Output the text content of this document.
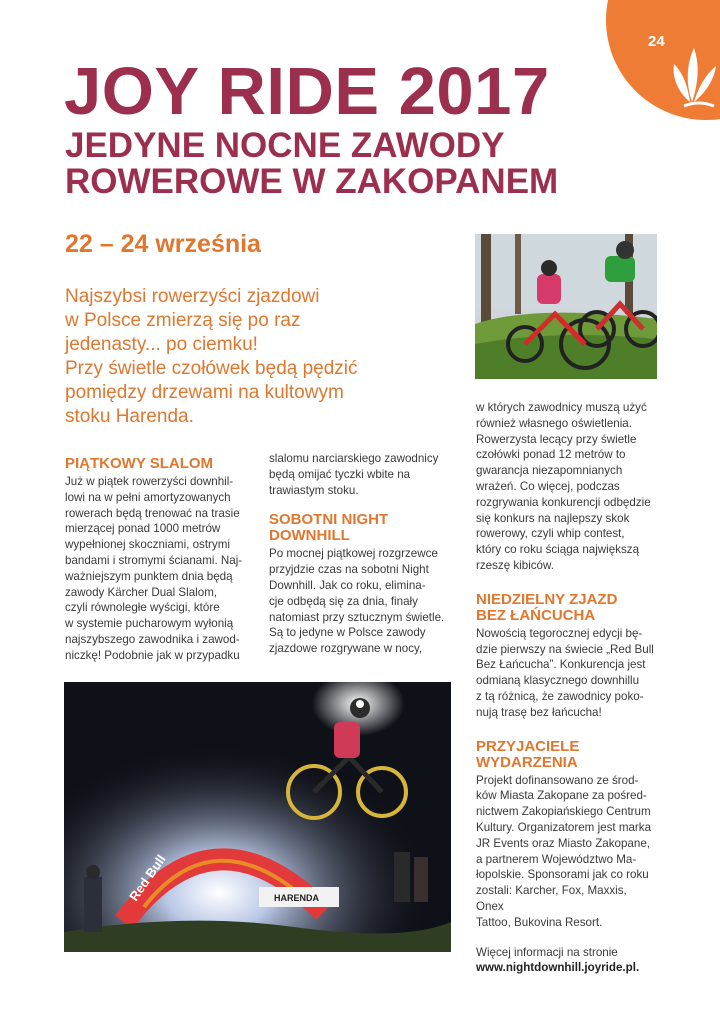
24
JOY RIDE 2017
JEDYNE NOCNE ZAWODY
ROWEROWE W ZAKOPANEM
22 – 24 września

Najszybsi rowerzyści zjazdowi
w Polsce zmierzą się po raz
jedenasty... po ciemku!
Przy świetle czołówek będą pędzić
pomiędzy drzewami na kultowym
stoku Harenda.

PIĄTKOWY SLALOM

Już w piątek rowerzyści downhil-
lowi na w pełni amortyzowanych
rowerach będą trenować na trasie
mierzącej ponad 1000 metrów
wypełnionej skoczniami, ostrymi
bandami i stromymi ścianami. Naj-
ważniejszym punktem dnia będą
zawody Kärcher Dual Slalom,
czyli równoległe wyścigi, które
w systemie pucharowym wyłonią
najszybszego zawodnika i zawod-
niczkę! Podobnie jak w przypadku

slalomu narciarskiego zawodnicy
będą omijać tyczki wbite na
trawiastym stoku.

SOBOTNI NIGHT
DOWNHILL

Po mocnej piątkowej rozgrzewce
przyjdzie czas na sobotni Night
Downhill. Jak co roku, elimina-
cje odbędą się za dnia, finały
natomiast przy sztucznym świetle.
Są to jedyne w Polsce zawody
zjazdowe rozgrywane w nocy,

w których zawodnicy muszą użyć
również własnego oświetlenia.
Rowerzysta lecący przy świetle
czołówki ponad 12 metrów to
gwarancja niezapomnianych
wrażeń. Co więcej, podczas
rozgrywania konkurencji odbędzie
się konkurs na najlepszy skok
rowerowy, czyli whip contest,
który co roku ściąga największą
rzeszę kibiców.

NIEDZIELNY ZJAZD
BEZ ŁAŃCUCHA

Nowością tegorocznej edycji bę-
dzie pierwszy na świecie „Red Bull
Bez Łańcucha”. Konkurencja jest
odmianą klasycznego downhillu
z tą różnicą, że zawodnicy poko-
nują trasę bez łańcucha!

PRZYJACIELE
WYDARZENIA

Projekt dofinansowano ze środ-
ków Miasta Zakopane za pośred-
nictwem Zakopiańskiego Centrum
Kultury. Organizatorem jest marka
JR Events oraz Miasto Zakopane,
a partnerem Województwo Ma-
łopolskie. Sponsorami jak co roku
zostali: Karcher, Fox, Maxxis, Onex
Tattoo, Bukovina Resort.

Więcej informacji na stronie
www.nightdownhill.joyride.pl.

Red Bull	HARENDA
